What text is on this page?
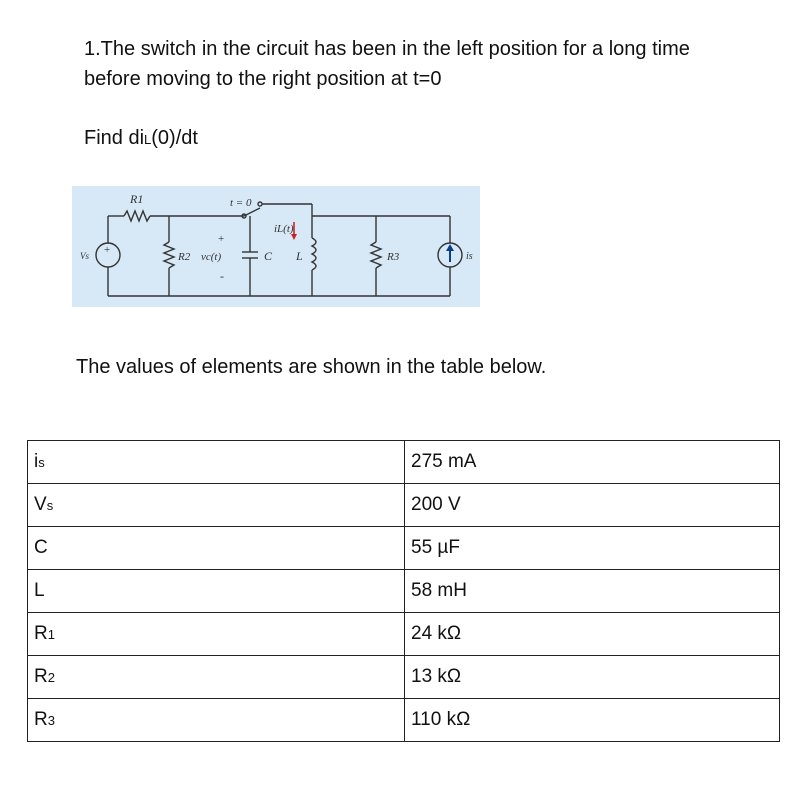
1.The switch in the circuit has been in the left position for a long time
before moving to the right position at t=0
Find diL(0)/dt
+
Vs
R1	t = 0
iL(t)
R2 vc(t)
+
-
C L	R3	is
The values of elements are shown in the table below.
is	275 mA
Vs	200 V
C	55 µF
L	58 mH
R1	24 kΩ
R2	13 kΩ
R3	110 kΩ
